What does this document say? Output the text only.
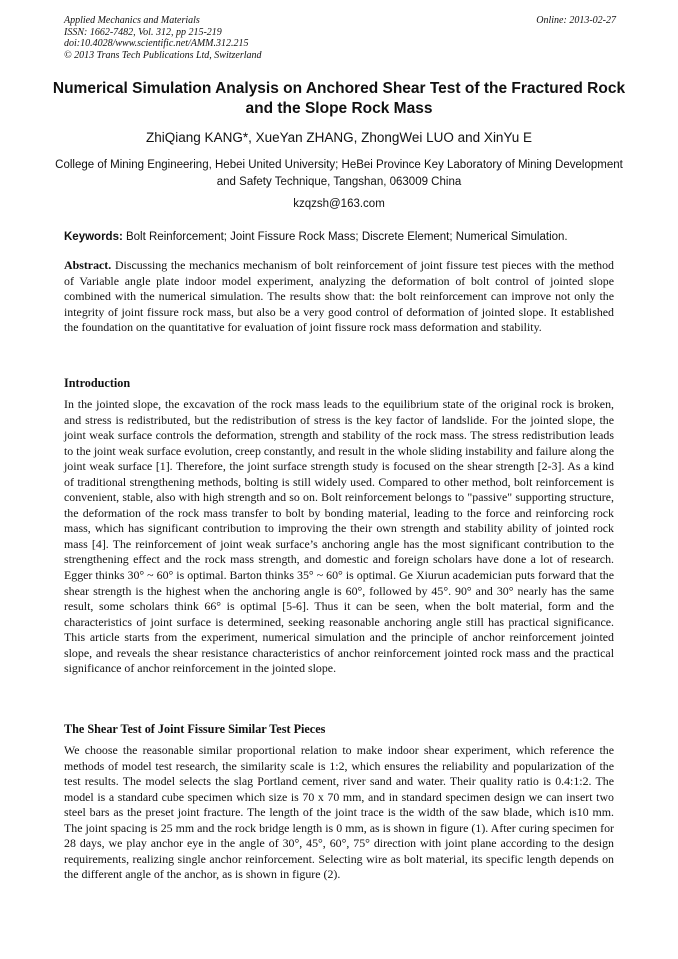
Applied Mechanics and Materials
ISSN: 1662-7482, Vol. 312, pp 215-219
doi:10.4028/www.scientific.net/AMM.312.215
© 2013 Trans Tech Publications Ltd, Switzerland
Online: 2013-02-27
Numerical Simulation Analysis on Anchored Shear Test of the Fractured Rock and the Slope Rock Mass
ZhiQiang KANG*, XueYan ZHANG, ZhongWei LUO and XinYu E
College of Mining Engineering, Hebei United University; HeBei Province Key Laboratory of Mining Development and Safety Technique, Tangshan, 063009 China
kzqzsh@163.com
Keywords: Bolt Reinforcement; Joint Fissure Rock Mass; Discrete Element; Numerical Simulation.
Abstract. Discussing the mechanics mechanism of bolt reinforcement of joint fissure test pieces with the method of Variable angle plate indoor model experiment, analyzing the deformation of bolt control of jointed slope combined with the numerical simulation. The results show that: the bolt reinforcement can improve not only the integrity of joint fissure rock mass, but also be a very good control of deformation of jointed slope. It established the foundation on the quantitative for evaluation of joint fissure rock mass deformation and stability.
Introduction
In the jointed slope, the excavation of the rock mass leads to the equilibrium state of the original rock is broken, and stress is redistributed, but the redistribution of stress is the key factor of landslide. For the jointed slope, the joint weak surface controls the deformation, strength and stability of the rock mass. The stress redistribution leads to the joint weak surface evolution, creep constantly, and result in the whole sliding instability and failure along the joint weak surface [1]. Therefore, the joint surface strength study is focused on the shear strength [2-3]. As a kind of traditional strengthening methods, bolting is still widely used. Compared to other method, bolt reinforcement is convenient, stable, also with high strength and so on. Bolt reinforcement belongs to "passive" supporting structure, the deformation of the rock mass transfer to bolt by bonding material, leading to the force and reinforcing rock mass, which has significant contribution to improving the their own strength and stability ability of jointed rock mass [4]. The reinforcement of joint weak surface’s anchoring angle has the most significant contribution to the strengthening effect and the rock mass strength, and domestic and foreign scholars have done a lot of research. Egger thinks 30° ~ 60° is optimal. Barton thinks 35° ~ 60° is optimal. Ge Xiurun academician puts forward that the shear strength is the highest when the anchoring angle is 60°, followed by 45°. 90° and 30° nearly has the same result, some scholars think 66° is optimal [5-6]. Thus it can be seen, when the bolt material, form and the characteristics of joint surface is determined, seeking reasonable anchoring angle still has practical significance. This article starts from the experiment, numerical simulation and the principle of anchor reinforcement jointed slope, and reveals the shear resistance characteristics of anchor reinforcement jointed rock mass and the practical significance of anchor reinforcement in the jointed slope.
The Shear Test of Joint Fissure Similar Test Pieces
We choose the reasonable similar proportional relation to make indoor shear experiment, which reference the methods of model test research, the similarity scale is 1:2, which ensures the reliability and popularization of the test results. The model selects the slag Portland cement, river sand and water. Their quality ratio is 0.4:1:2. The model is a standard cube specimen which size is 70 x 70 mm, and in standard specimen design we can insert two steel bars as the preset joint fracture. The length of the joint trace is the width of the saw blade, which is10 mm. The joint spacing is 25 mm and the rock bridge length is 0 mm, as is shown in figure (1). After curing specimen for 28 days, we play anchor eye in the angle of 30°, 45°, 60°, 75° direction with joint plane according to the design requirements, realizing single anchor reinforcement. Selecting wire as bolt material, its specific length depends on the different angle of the anchor, as is shown in figure (2).
